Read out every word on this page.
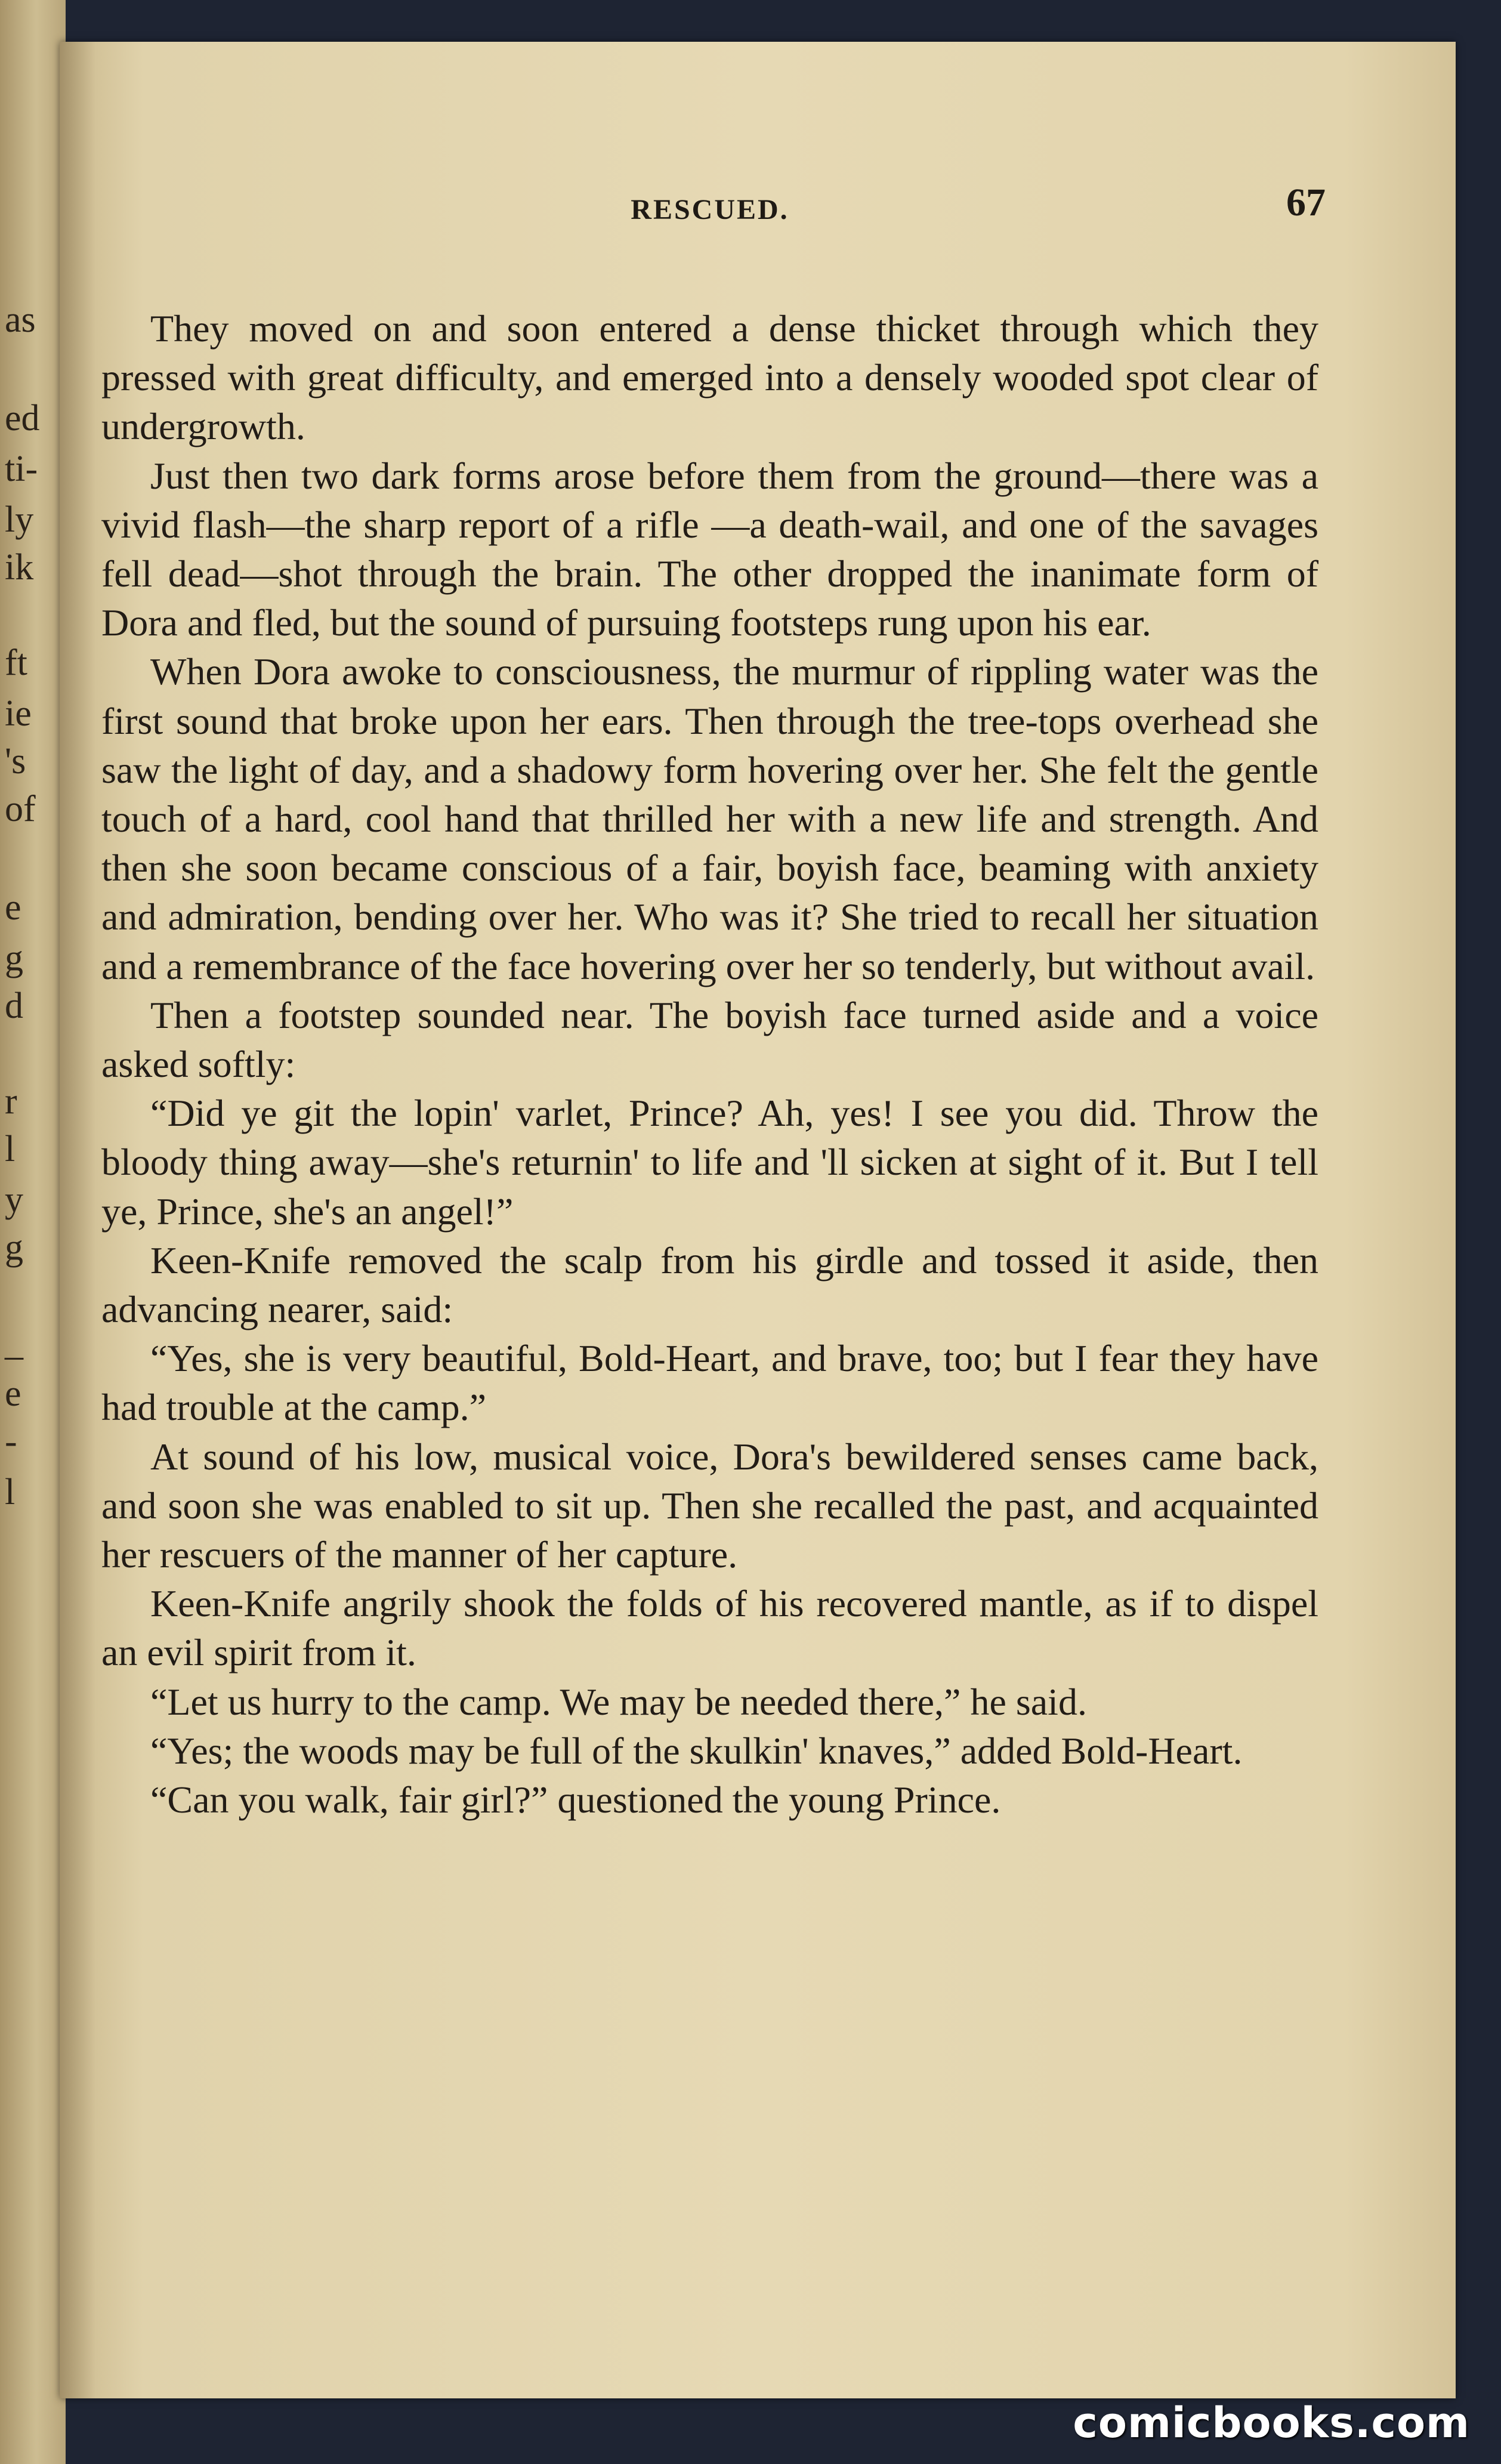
as
ed
ti-
ly
ik
ft
ie
's
of
e
g
d
r
l
y
g
_
e
-
l
RESCUED.	67

They moved on and soon entered a dense thicket through which they pressed with great difficulty, and emerged into a densely wooded spot clear of undergrowth.

Just then two dark forms arose before them from the ground—there was a vivid flash—the sharp report of a rifle —a death-wail, and one of the savages fell dead—shot through the brain. The other dropped the inanimate form of Dora and fled, but the sound of pursuing footsteps rung upon his ear.

When Dora awoke to consciousness, the murmur of rippling water was the first sound that broke upon her ears. Then through the tree-tops overhead she saw the light of day, and a shadowy form hovering over her. She felt the gentle touch of a hard, cool hand that thrilled her with a new life and strength. And then she soon became conscious of a fair, boyish face, beaming with anxiety and admiration, bending over her. Who was it? She tried to recall her situation and a remembrance of the face hovering over her so tenderly, but without avail.

Then a footstep sounded near. The boyish face turned aside and a voice asked softly:

“Did ye git the lopin' varlet, Prince? Ah, yes! I see you did. Throw the bloody thing away—she's returnin' to life and 'll sicken at sight of it. But I tell ye, Prince, she's an angel!”

Keen-Knife removed the scalp from his girdle and tossed it aside, then advancing nearer, said:

“Yes, she is very beautiful, Bold-Heart, and brave, too; but I fear they have had trouble at the camp.”

At sound of his low, musical voice, Dora's bewildered senses came back, and soon she was enabled to sit up. Then she recalled the past, and acquainted her rescuers of the manner of her capture.

Keen-Knife angrily shook the folds of his recovered mantle, as if to dispel an evil spirit from it.

“Let us hurry to the camp. We may be needed there,” he said.

“Yes; the woods may be full of the skulkin' knaves,” added Bold-Heart.

“Can you walk, fair girl?” questioned the young Prince.

comicbooks.com
